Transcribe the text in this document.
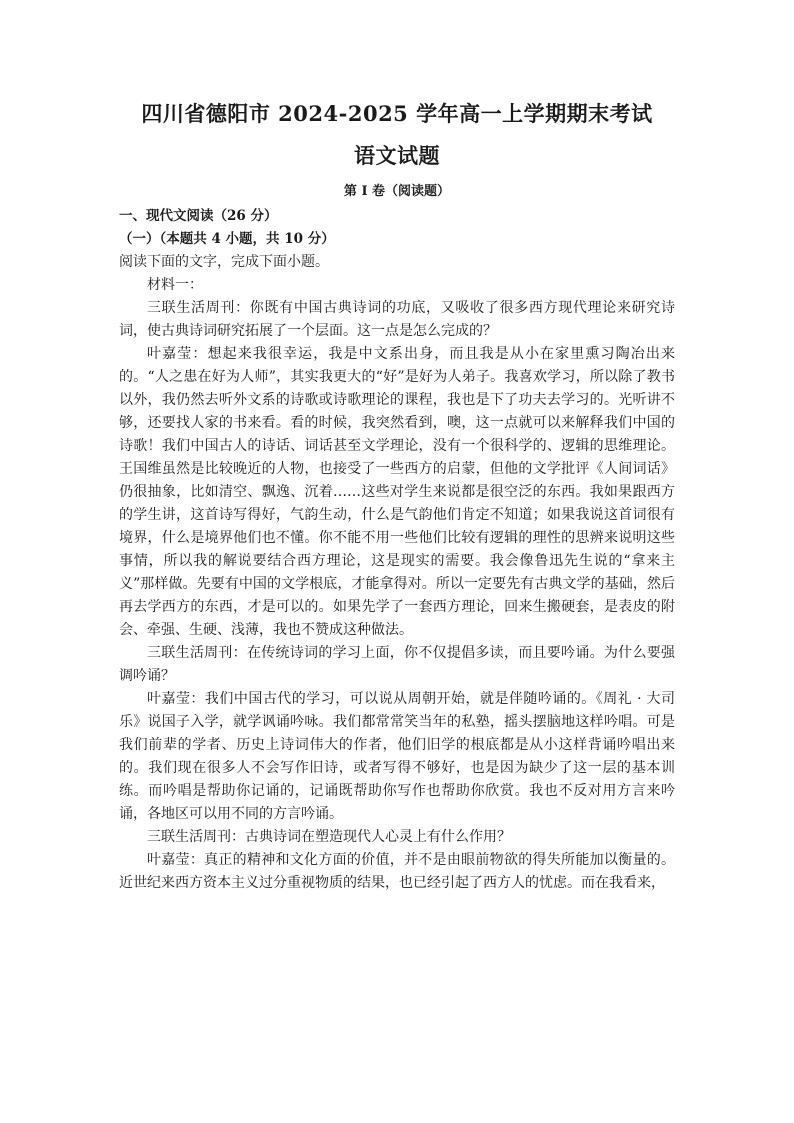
四川省德阳市 2024-2025 学年高一上学期期末考试
语文试题
第 I 卷（阅读题）

一、现代文阅读（26 分）

（一）（本题共 4 小题，共 10 分）

阅读下面的文字，完成下面小题。

材料一：

三联生活周刊：你既有中国古典诗词的功底，又吸收了很多西方现代理论来研究诗词，使古典诗词研究拓展了一个层面。这一点是怎么完成的？

叶嘉莹：想起来我很幸运，我是中文系出身，而且我是从小在家里熏习陶冶出来的。“人之患在好为人师”，其实我更大的“好”是好为人弟子。我喜欢学习，所以除了教书以外，我仍然去听外文系的诗歌或诗歌理论的课程，我也是下了功夫去学习的。光听讲不够，还要找人家的书来看。看的时候，我突然看到，噢，这一点就可以来解释我们中国的诗歌！我们中国古人的诗话、词话甚至文学理论，没有一个很科学的、逻辑的思维理论。王国维虽然是比较晚近的人物，也接受了一些西方的启蒙，但他的文学批评《人间词话》仍很抽象，比如清空、飘逸、沉着……这些对学生来说都是很空泛的东西。我如果跟西方的学生讲，这首诗写得好，气韵生动，什么是气韵他们肯定不知道；如果我说这首词很有境界，什么是境界他们也不懂。你不能不用一些他们比较有逻辑的理性的思辨来说明这些事情，所以我的解说要结合西方理论，这是现实的需要。我会像鲁迅先生说的“拿来主义”那样做。先要有中国的文学根底，才能拿得对。所以一定要先有古典文学的基础，然后再去学西方的东西，才是可以的。如果先学了一套西方理论，回来生搬硬套，是表皮的附会、牵强、生硬、浅薄，我也不赞成这种做法。

三联生活周刊：在传统诗词的学习上面，你不仅提倡多读，而且要吟诵。为什么要强调吟诵？

叶嘉莹：我们中国古代的学习，可以说从周朝开始，就是伴随吟诵的。《周礼 · 大司乐》说国子入学，就学讽诵吟咏。我们都常常笑当年的私塾，摇头摆脑地这样吟唱。可是我们前辈的学者、历史上诗词伟大的作者，他们旧学的根底都是从小这样背诵吟唱出来的。我们现在很多人不会写作旧诗，或者写得不够好，也是因为缺少了这一层的基本训练。而吟唱是帮助你记诵的，记诵既帮助你写作也帮助你欣赏。我也不反对用方言来吟诵，各地区可以用不同的方言吟诵。

三联生活周刊：古典诗词在塑造现代人心灵上有什么作用？

叶嘉莹：真正的精神和文化方面的价值，并不是由眼前物欲的得失所能加以衡量的。近世纪来西方资本主义过分重视物质的结果，也已经引起了西方人的忧虑。而在我看来，
